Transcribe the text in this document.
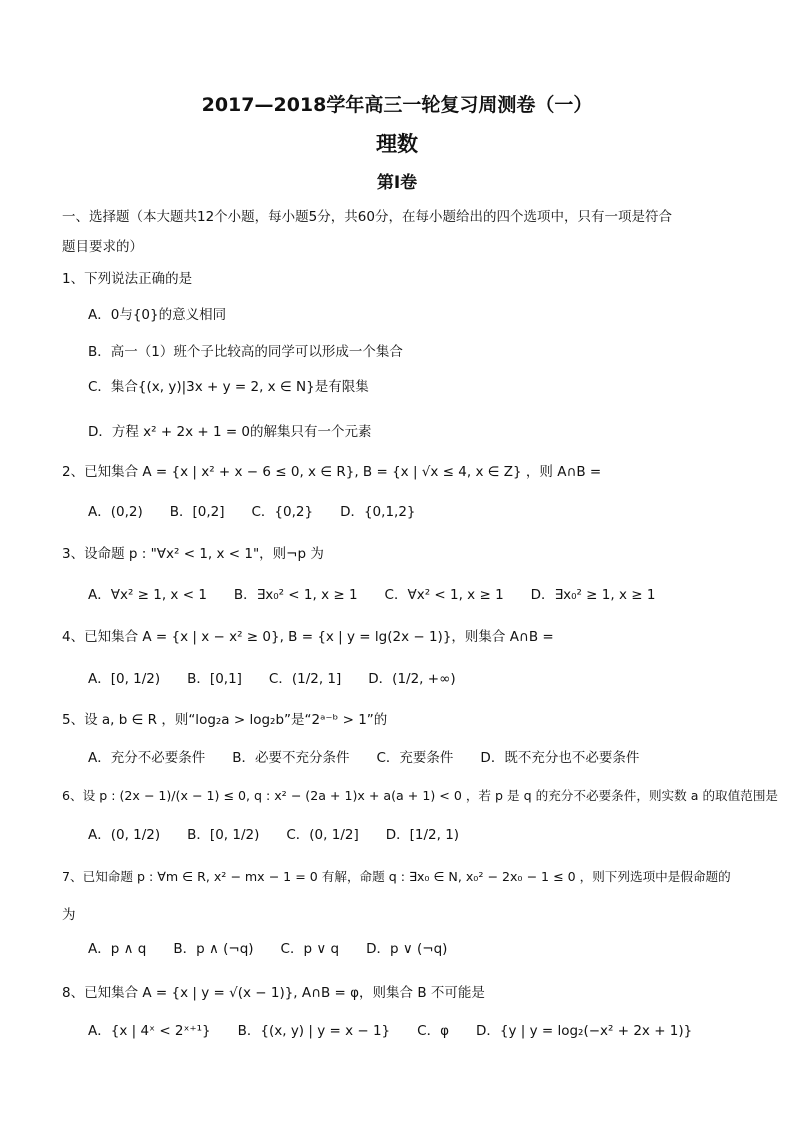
2017—2018学年高三一轮复习周测卷（一）
理数
第Ⅰ卷
一、选择题（本大题共12个小题，每小题5分，共60分，在每小题给出的四个选项中，只有一项是符合
题目要求的）
1、下列说法正确的是
A．0与{0}的意义相同
B．高一（1）班个子比较高的同学可以形成一个集合
C．集合{(x, y)|3x + y = 2, x ∈ N}是有限集
D．方程 x² + 2x + 1 = 0的解集只有一个元素
2、已知集合 A = {x | x² + x − 6 ≤ 0, x ∈ R}, B = {x | √x ≤ 4, x ∈ Z} ，则 A∩B =
A．(0,2)　　B．[0,2]　　C．{0,2}　　D．{0,1,2}
3、设命题 p : "∀x² < 1, x < 1"，则¬p 为
A．∀x² ≥ 1, x < 1　　B．∃x₀² < 1, x ≥ 1　　C．∀x² < 1, x ≥ 1　　D．∃x₀² ≥ 1, x ≥ 1
4、已知集合 A = {x | x − x² ≥ 0}, B = {x | y = lg(2x − 1)}，则集合 A∩B =
A．[0, 1/2)　　B．[0,1]　　C．(1/2, 1]　　D．(1/2, +∞)
5、设 a, b ∈ R ，则“log₂a > log₂b”是“2ᵃ⁻ᵇ > 1”的
A．充分不必要条件　　B．必要不充分条件　　C．充要条件　　D．既不充分也不必要条件
6、设 p : (2x − 1)/(x − 1) ≤ 0, q : x² − (2a + 1)x + a(a + 1) < 0 ，若 p 是 q 的充分不必要条件，则实数 a 的取值范围是
A．(0, 1/2)　　B．[0, 1/2)　　C．(0, 1/2]　　D．[1/2, 1)
7、已知命题 p : ∀m ∈ R, x² − mx − 1 = 0 有解，命题 q : ∃x₀ ∈ N, x₀² − 2x₀ − 1 ≤ 0 ，则下列选项中是假命题的
为
A．p ∧ q　　B．p ∧ (¬q)　　C．p ∨ q　　D．p ∨ (¬q)
8、已知集合 A = {x | y = √(x − 1)}, A∩B = φ，则集合 B 不可能是
A．{x | 4ˣ < 2ˣ⁺¹}　　B．{(x, y) | y = x − 1}　　C．φ　　D．{y | y = log₂(−x² + 2x + 1)}
